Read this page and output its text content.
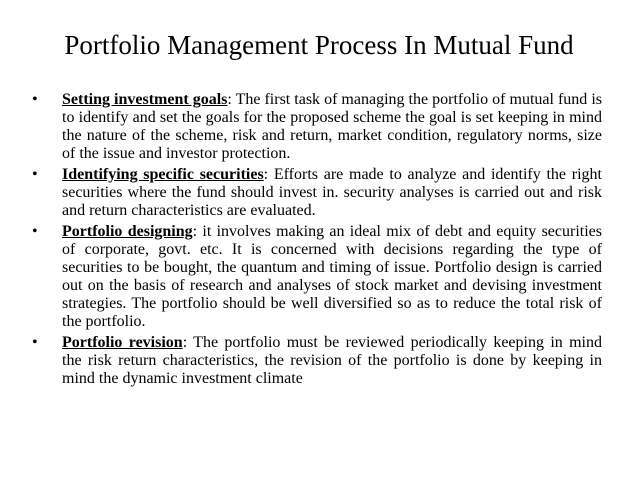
Portfolio Management Process In Mutual Fund
• Setting investment goals: The first task of managing the portfolio of mutual fund is to identify and set the goals for the proposed scheme the goal is set keeping in mind the nature of the scheme, risk and return, market condition, regulatory norms, size of the issue and investor protection.
• Identifying specific securities: Efforts are made to analyze and identify the right securities where the fund should invest in. security analyses is carried out and risk and return characteristics are evaluated.
• Portfolio designing: it involves making an ideal mix of debt and equity securities of corporate, govt. etc. It is concerned with decisions regarding the type of securities to be bought, the quantum and timing of issue. Portfolio design is carried out on the basis of research and analyses of stock market and devising investment strategies. The portfolio should be well diversified so as to reduce the total risk of the portfolio.
• Portfolio revision: The portfolio must be reviewed periodically keeping in mind the risk return characteristics, the revision of the portfolio is done by keeping in mind the dynamic investment climate
